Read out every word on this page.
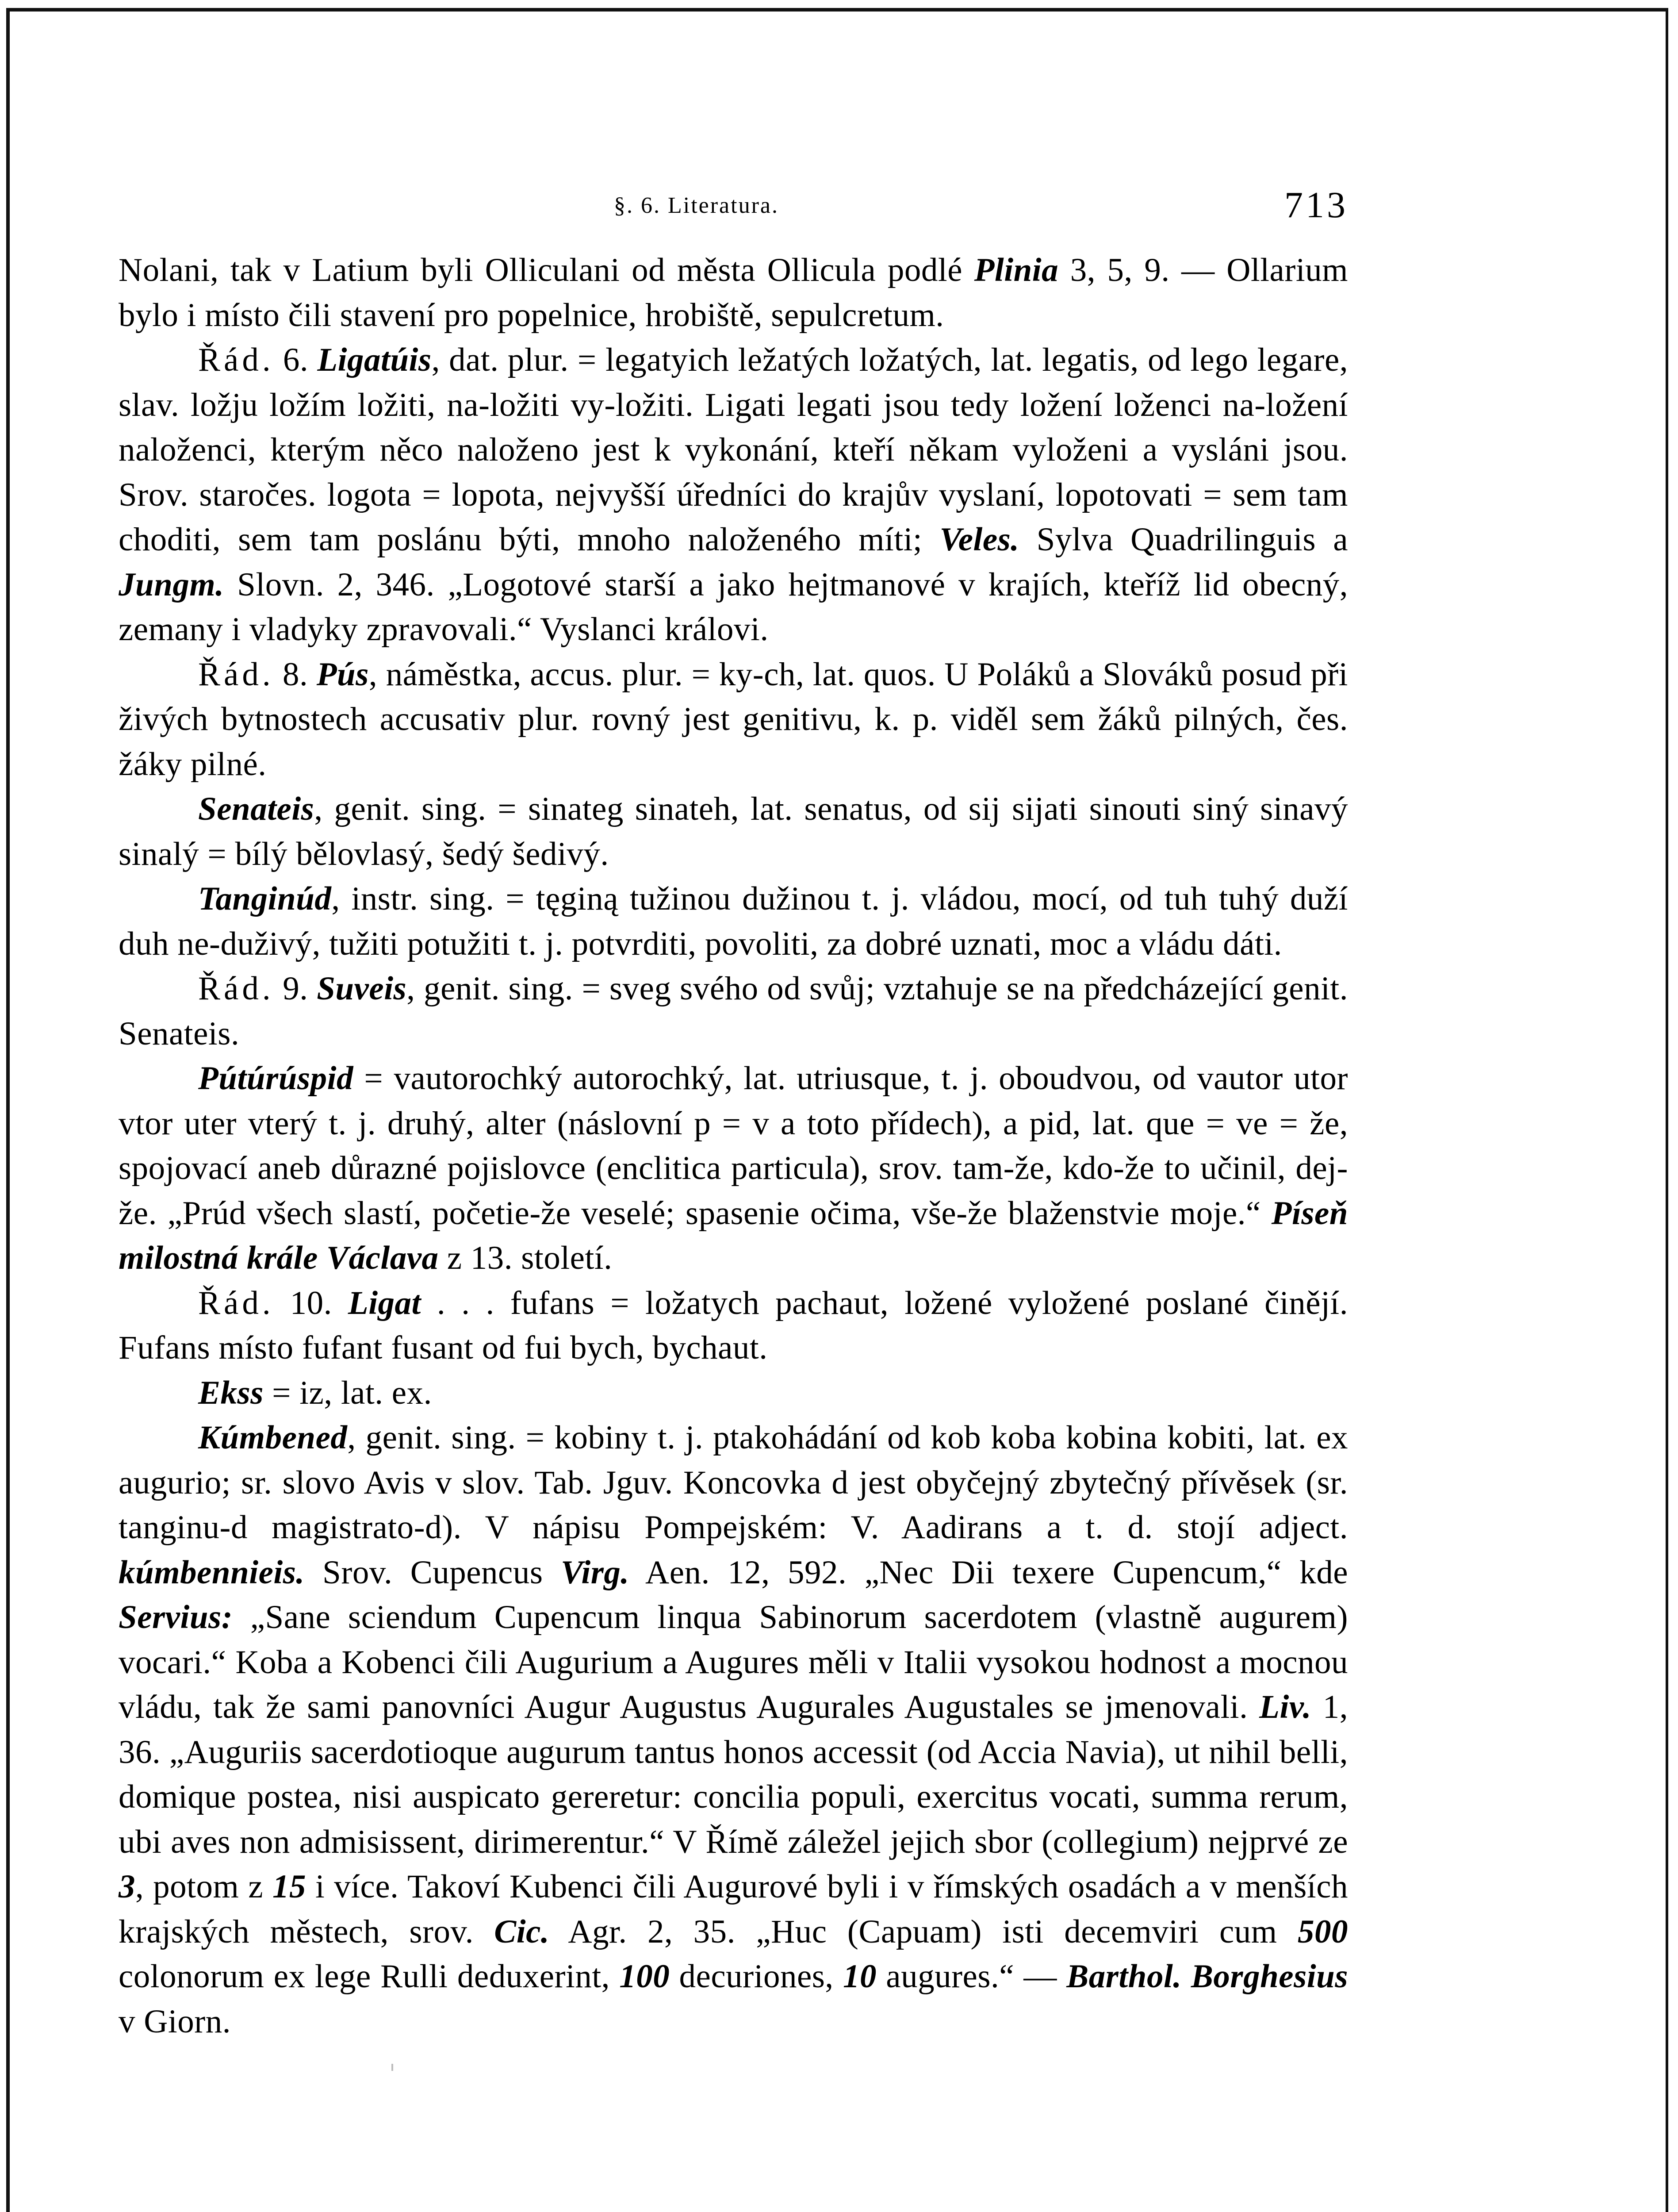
§. 6. Literatura.	713

Nolani, tak v Latium byli Olliculani od města Ollicula podlé Plinia 3, 5, 9. — Ollarium bylo i místo čili stavení pro popelnice, hrobiště, sepulcretum.

Řád. 6. Ligatúis, dat. plur. = legatyich ležatých ložatých, lat. legatis, od lego legare, slav. ložju ložím ložiti, na-ložiti vy-ložiti. Ligati legati jsou tedy ložení loženci na-ložení naloženci, kterým něco naloženo jest k vykonání, kteří někam vyloženi a vysláni jsou. Srov. staročes. logota = lopota, nejvyšší úředníci do krajův vyslaní, lopotovati = sem tam choditi, sem tam poslánu býti, mnoho naloženého míti; Veles. Sylva Quadrilinguis a Jungm. Slovn. 2, 346. „Logotové starší a jako hejtmanové v krajích, kteříž lid obecný, zemany i vladyky zpravovali.“ Vyslanci královi.

Řád. 8. Pús, náměstka, accus. plur. = ky-ch, lat. quos. U Poláků a Slováků posud při živých bytnostech accusativ plur. rovný jest genitivu, k. p. viděl sem žáků pilných, čes. žáky pilné.

Senateis, genit. sing. = sinateg sinateh, lat. senatus, od sij sijati sinouti siný sinavý sinalý = bílý bělovlasý, šedý šedivý.

Tanginúd, instr. sing. = tęginą tužinou dužinou t. j. vládou, mocí, od tuh tuhý duží duh ne-duživý, tužiti potužiti t. j. potvrditi, povoliti, za dobré uznati, moc a vládu dáti.

Řád. 9. Suveis, genit. sing. = sveg svého od svůj; vztahuje se na předcházející genit. Senateis.

Pútúrúspid = vautorochký autorochký, lat. utriusque, t. j. oboudvou, od vautor utor vtor uter vterý t. j. druhý, alter (náslovní p = v a toto přídech), a pid, lat. que = ve = že, spojovací aneb důrazné pojislovce (enclitica particula), srov. tam-že, kdo-že to učinil, dej-že. „Prúd všech slastí, početie-že veselé; spasenie očima, vše-že blaženstvie moje.“ Píseň milostná krále Václava z 13. století.

Řád. 10. Ligat . . . fufans = ložatych pachaut, ložené vyložené poslané činějí. Fufans místo fufant fusant od fui bych, bychaut.

Ekss = iz, lat. ex.

Kúmbened, genit. sing. = kobiny t. j. ptakohádání od kob koba kobina kobiti, lat. ex augurio; sr. slovo Avis v slov. Tab. Jguv. Koncovka d jest obyčejný zbytečný přívěsek (sr. tanginu-d magistrato-d). V nápisu Pompejském: V. Aadirans a t. d. stojí adject. kúmbennieis. Srov. Cupencus Virg. Aen. 12, 592. „Nec Dii texere Cupencum,“ kde Servius: „Sane sciendum Cupencum linqua Sabinorum sacerdotem (vlastně augurem) vocari.“ Koba a Kobenci čili Augurium a Augures měli v Italii vysokou hodnost a mocnou vládu, tak že sami panovníci Augur Augustus Augurales Augustales se jmenovali. Liv. 1, 36. „Auguriis sacerdotioque augurum tantus honos accessit (od Accia Navia), ut nihil belli, domique postea, nisi auspicato gereretur: concilia populi, exercitus vocati, summa rerum, ubi aves non admisissent, dirimerentur.“ V Římě záležel jejich sbor (collegium) nejprvé ze 3, potom z 15 i více. Takoví Kubenci čili Augurové byli i v římských osadách a v menších krajských městech, srov. Cic. Agr. 2, 35. „Huc (Capuam) isti decemviri cum 500 colonorum ex lege Rulli deduxerint, 100 decuriones, 10 augures.“ — Barthol. Borghesius v Giorn.
